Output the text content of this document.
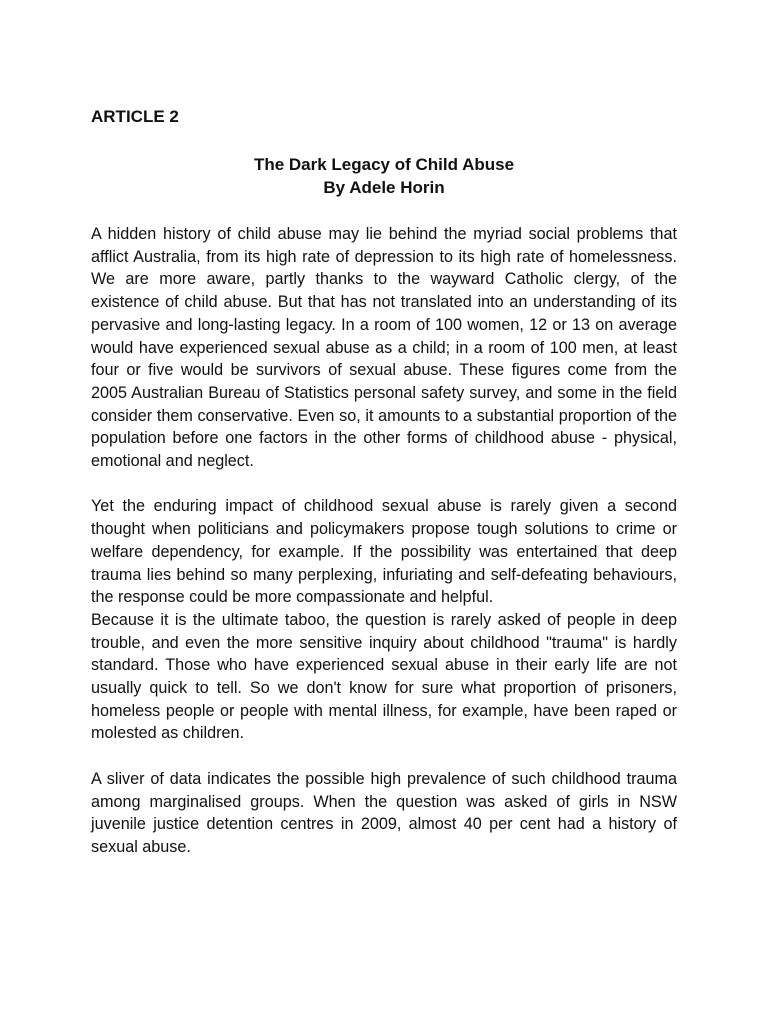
ARTICLE 2
The Dark Legacy of Child Abuse
By Adele Horin

A hidden history of child abuse may lie behind the myriad social problems that afflict Australia, from its high rate of depression to its high rate of homelessness. We are more aware, partly thanks to the wayward Catholic clergy, of the existence of child abuse. But that has not translated into an understanding of its pervasive and long-lasting legacy. In a room of 100 women, 12 or 13 on average would have experienced sexual abuse as a child; in a room of 100 men, at least four or five would be survivors of sexual abuse. These figures come from the 2005 Australian Bureau of Statistics personal safety survey, and some in the field consider them conservative. Even so, it amounts to a substantial proportion of the population before one factors in the other forms of childhood abuse - physical, emotional and neglect.

Yet the enduring impact of childhood sexual abuse is rarely given a second thought when politicians and policymakers propose tough solutions to crime or welfare dependency, for example. If the possibility was entertained that deep trauma lies behind so many perplexing, infuriating and self-defeating behaviours, the response could be more compassionate and helpful.

Because it is the ultimate taboo, the question is rarely asked of people in deep trouble, and even the more sensitive inquiry about childhood "trauma" is hardly standard. Those who have experienced sexual abuse in their early life are not usually quick to tell. So we don't know for sure what proportion of prisoners, homeless people or people with mental illness, for example, have been raped or molested as children.

A sliver of data indicates the possible high prevalence of such childhood trauma among marginalised groups. When the question was asked of girls in NSW juvenile justice detention centres in 2009, almost 40 per cent had a history of sexual abuse.
